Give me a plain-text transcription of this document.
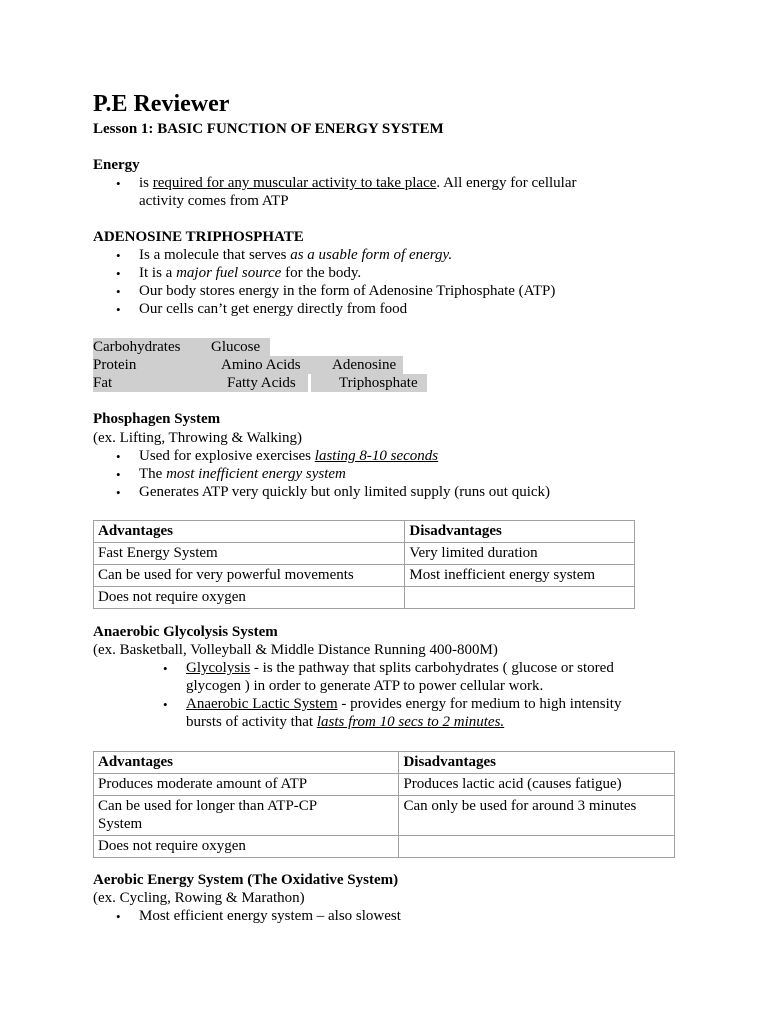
P.E Reviewer
Lesson 1: BASIC FUNCTION OF ENERGY SYSTEM
Energy
• is required for any muscular activity to take place. All energy for cellular
activity comes from ATP
ADENOSINE TRIPHOSPHATE
• Is a molecule that serves as a usable form of energy.
• It is a major fuel source for the body.
• Our body stores energy in the form of Adenosine Triphosphate (ATP)
• Our cells can’t get energy directly from food
Carbohydrates Glucose
Protein	Amino Acids Adenosine
Fat	Fatty Acids	Triphosphate
Phosphagen System
(ex. Lifting, Throwing & Walking)
• Used for explosive exercises lasting 8-10 seconds
• The most inefficient energy system
• Generates ATP very quickly but only limited supply (runs out quick)
Advantages	Disadvantages
Fast Energy System	Very limited duration
Can be used for very powerful movements	Most inefficient energy system
Does not require oxygen	
Anaerobic Glycolysis System
(ex. Basketball, Volleyball & Middle Distance Running 400-800M)
• Glycolysis - is the pathway that splits carbohydrates ( glucose or stored
glycogen ) in order to generate ATP to power cellular work.
• Anaerobic Lactic System - provides energy for medium to high intensity
bursts of activity that lasts from 10 secs to 2 minutes.
Advantages	Disadvantages
Produces moderate amount of ATP	Produces lactic acid (causes fatigue)
Can be used for longer than ATP-CP
System	Can only be used for around 3 minutes
Does not require oxygen	
Aerobic Energy System (The Oxidative System)
(ex. Cycling, Rowing & Marathon)
• Most efficient energy system – also slowest
